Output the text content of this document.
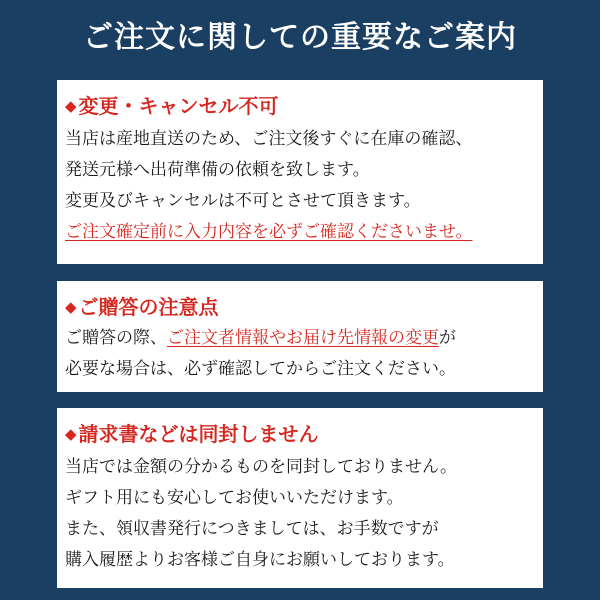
ご注文に関しての重要なご案内
◆ 変更・キャンセル不可
当店は産地直送のため、ご注文後すぐに在庫の確認、
発送元様へ出荷準備の依頼を致します。
変更及びキャンセルは不可とさせて頂きます。
ご注文確定前に入力内容を必ずご確認くださいませ。
◆ ご贈答の注意点
ご贈答の際、ご注文者情報やお届け先情報の変更が
必要な場合は、必ず確認してからご注文ください。
◆ 請求書などは同封しません
当店では金額の分かるものを同封しておりません。
ギフト用にも安心してお使いいただけます。
また、領収書発行につきましては、お手数ですが
購入履歴よりお客様ご自身にお願いしております。
